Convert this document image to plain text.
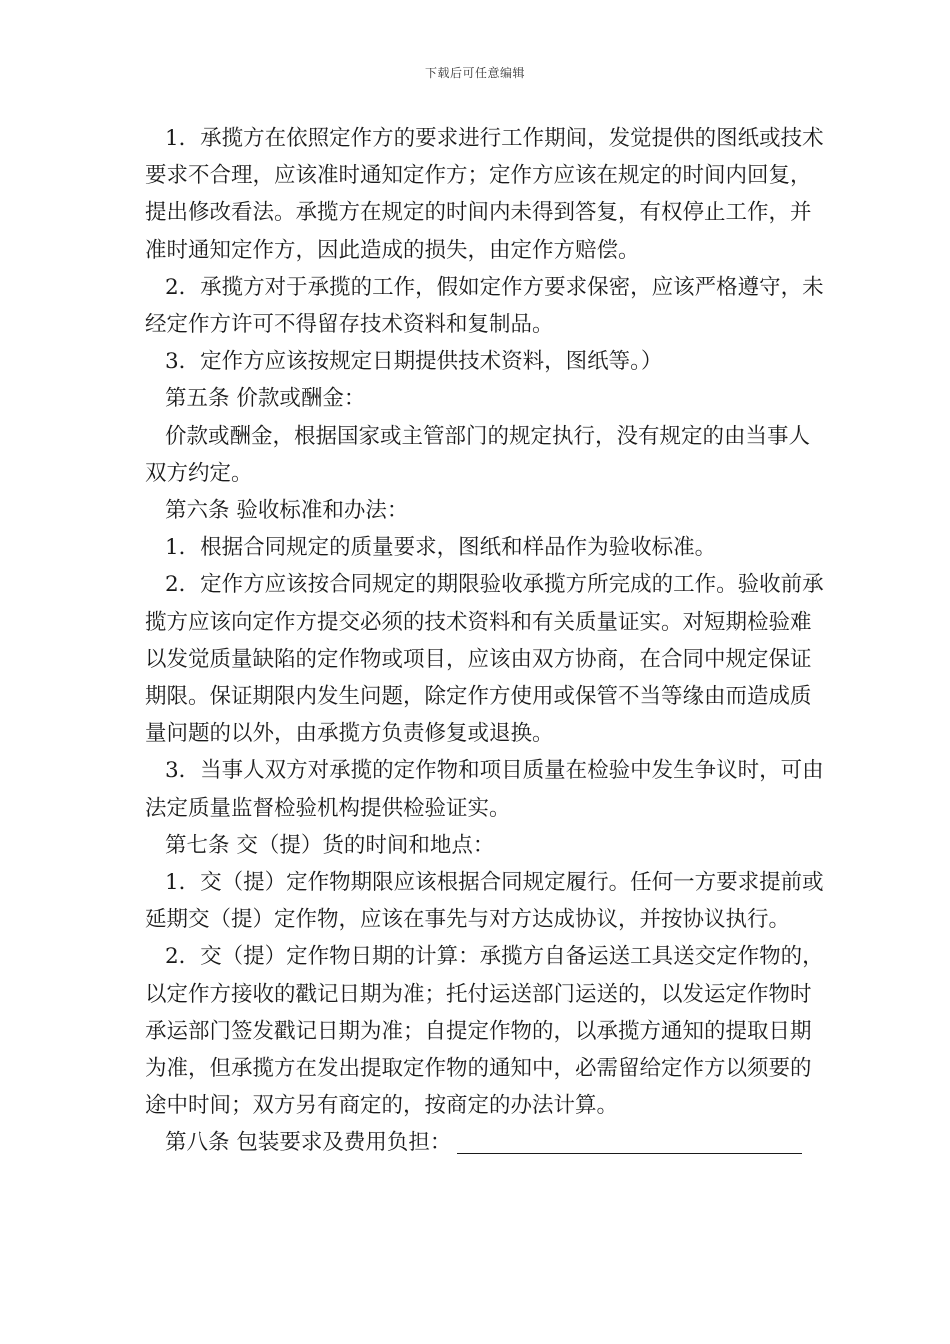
下载后可任意编辑

1．承揽方在依照定作方的要求进行工作期间，发觉提供的图纸或技术要求不合理，应该准时通知定作方；定作方应该在规定的时间内回复，提出修改看法。承揽方在规定的时间内未得到答复，有权停止工作，并准时通知定作方，因此造成的损失，由定作方赔偿。

2．承揽方对于承揽的工作，假如定作方要求保密，应该严格遵守，未经定作方许可不得留存技术资料和复制品。

3．定作方应该按规定日期提供技术资料，图纸等。）

第五条 价款或酬金：

价款或酬金，根据国家或主管部门的规定执行，没有规定的由当事人双方约定。

第六条 验收标准和办法：

1．根据合同规定的质量要求，图纸和样品作为验收标准。

2．定作方应该按合同规定的期限验收承揽方所完成的工作。验收前承揽方应该向定作方提交必须的技术资料和有关质量证实。对短期检验难以发觉质量缺陷的定作物或项目，应该由双方协商，在合同中规定保证期限。保证期限内发生问题，除定作方使用或保管不当等缘由而造成质量问题的以外，由承揽方负责修复或退换。

3．当事人双方对承揽的定作物和项目质量在检验中发生争议时，可由法定质量监督检验机构提供检验证实。

第七条 交（提）货的时间和地点：

1．交（提）定作物期限应该根据合同规定履行。任何一方要求提前或延期交（提）定作物，应该在事先与对方达成协议，并按协议执行。

2．交（提）定作物日期的计算：承揽方自备运送工具送交定作物的，以定作方接收的戳记日期为准；托付运送部门运送的，以发运定作物时承运部门签发戳记日期为准；自提定作物的，以承揽方通知的提取日期为准，但承揽方在发出提取定作物的通知中，必需留给定作方以须要的途中时间；双方另有商定的，按商定的办法计算。

第八条 包装要求及费用负担：
